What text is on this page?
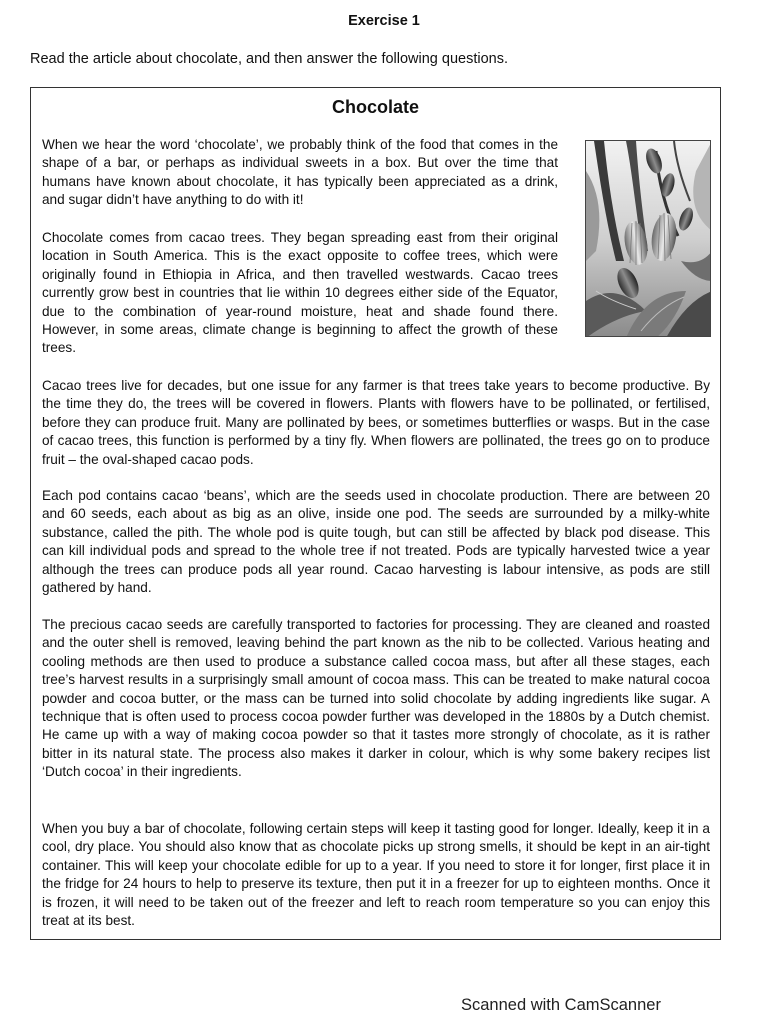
Exercise 1
Read the article about chocolate, and then answer the following questions.
Chocolate

When we hear the word ‘chocolate’, we probably think of the food that comes in the shape of a bar, or perhaps as individual sweets in a box. But over the time that humans have known about chocolate, it has typically been appreciated as a drink, and sugar didn’t have anything to do with it!

Chocolate comes from cacao trees. They began spreading east from their original location in South America. This is the exact opposite to coffee trees, which were originally found in Ethiopia in Africa, and then travelled westwards. Cacao trees currently grow best in countries that lie within 10 degrees either side of the Equator, due to the combination of year-round moisture, heat and shade found there. However, in some areas, climate change is beginning to affect the growth of these trees.

Cacao trees live for decades, but one issue for any farmer is that trees take years to become productive. By the time they do, the trees will be covered in flowers. Plants with flowers have to be pollinated, or fertilised, before they can produce fruit. Many are pollinated by bees, or sometimes butterflies or wasps. But in the case of cacao trees, this function is performed by a tiny fly. When flowers are pollinated, the trees go on to produce fruit – the oval-shaped cacao pods.

Each pod contains cacao ‘beans’, which are the seeds used in chocolate production. There are between 20 and 60 seeds, each about as big as an olive, inside one pod. The seeds are surrounded by a milky-white substance, called the pith. The whole pod is quite tough, but can still be affected by black pod disease. This can kill individual pods and spread to the whole tree if not treated. Pods are typically harvested twice a year although the trees can produce pods all year round. Cacao harvesting is labour intensive, as pods are still gathered by hand.

The precious cacao seeds are carefully transported to factories for processing. They are cleaned and roasted and the outer shell is removed, leaving behind the part known as the nib to be collected. Various heating and cooling methods are then used to produce a substance called cocoa mass, but after all these stages, each tree’s harvest results in a surprisingly small amount of cocoa mass. This can be treated to make natural cocoa powder and cocoa butter, or the mass can be turned into solid chocolate by adding ingredients like sugar. A technique that is often used to process cocoa powder further was developed in the 1880s by a Dutch chemist. He came up with a way of making cocoa powder so that it tastes more strongly of chocolate, as it is rather bitter in its natural state. The process also makes it darker in colour, which is why some bakery recipes list ‘Dutch cocoa’ in their ingredients.

When you buy a bar of chocolate, following certain steps will keep it tasting good for longer. Ideally, keep it in a cool, dry place. You should also know that as chocolate picks up strong smells, it should be kept in an air-tight container. This will keep your chocolate edible for up to a year. If you need to store it for longer, first place it in the fridge for 24 hours to help to preserve its texture, then put it in a freezer for up to eighteen months. Once it is frozen, it will need to be taken out of the freezer and left to reach room temperature so you can enjoy this treat at its best.

Scanned with CamScanner
